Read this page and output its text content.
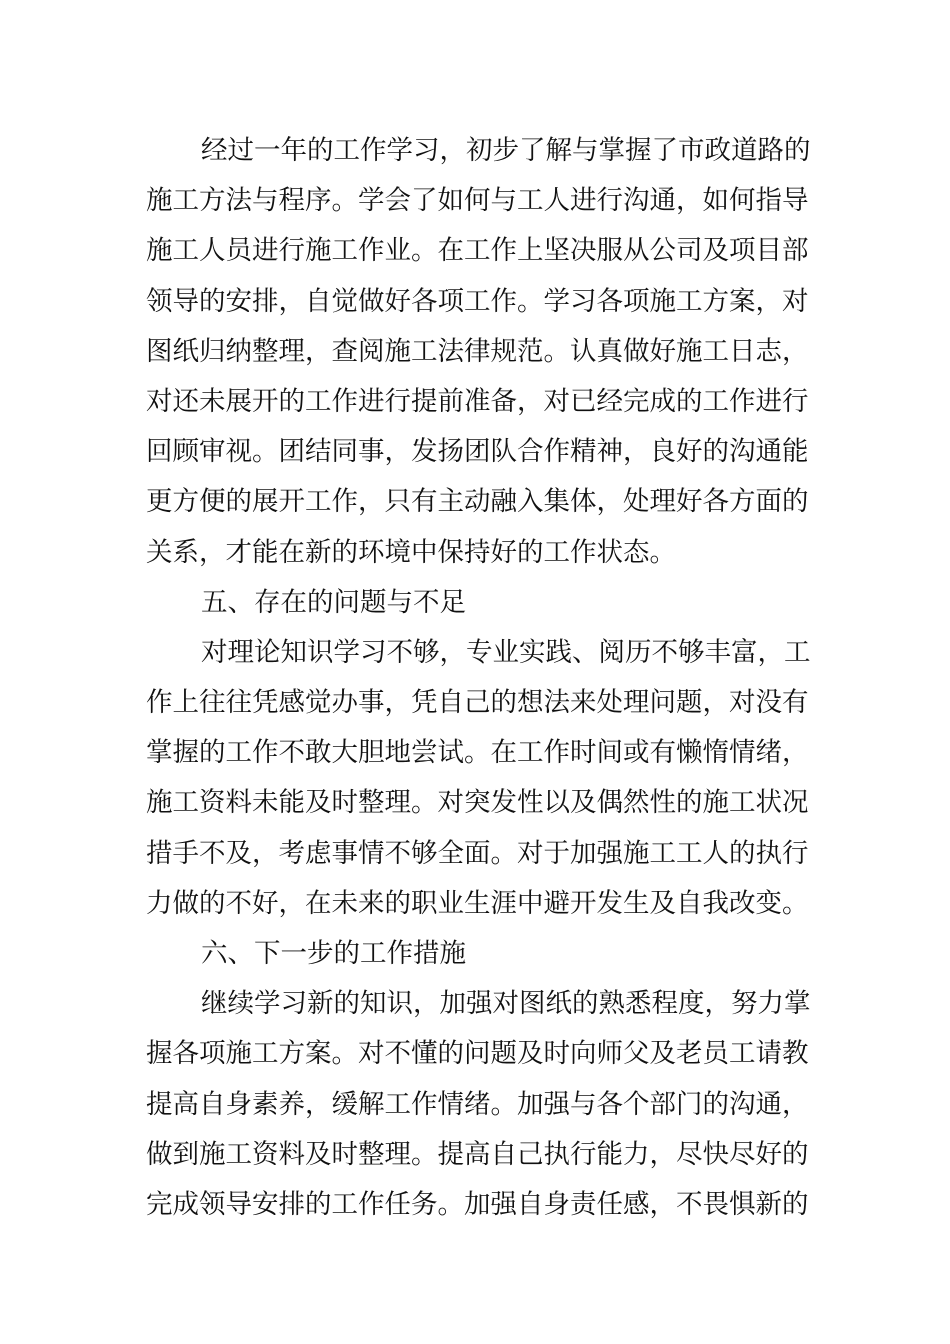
经过一年的工作学习，初步了解与掌握了市政道路的
施工方法与程序。学会了如何与工人进行沟通，如何指导
施工人员进行施工作业。在工作上坚决服从公司及项目部
领导的安排，自觉做好各项工作。学习各项施工方案，对
图纸归纳整理，查阅施工法律规范。认真做好施工日志，
对还未展开的工作进行提前准备，对已经完成的工作进行
回顾审视。团结同事，发扬团队合作精神，良好的沟通能
更方便的展开工作，只有主动融入集体，处理好各方面的
关系，才能在新的环境中保持好的工作状态。
五、存在的问题与不足
对理论知识学习不够，专业实践、阅历不够丰富，工
作上往往凭感觉办事，凭自己的想法来处理问题，对没有
掌握的工作不敢大胆地尝试。在工作时间或有懒惰情绪，
施工资料未能及时整理。对突发性以及偶然性的施工状况
措手不及，考虑事情不够全面。对于加强施工工人的执行
力做的不好，在未来的职业生涯中避开发生及自我改变。
六、下一步的工作措施
继续学习新的知识，加强对图纸的熟悉程度，努力掌
握各项施工方案。对不懂的问题及时向师父及老员工请教
提高自身素养，缓解工作情绪。加强与各个部门的沟通，
做到施工资料及时整理。提高自己执行能力，尽快尽好的
完成领导安排的工作任务。加强自身责任感，不畏惧新的
